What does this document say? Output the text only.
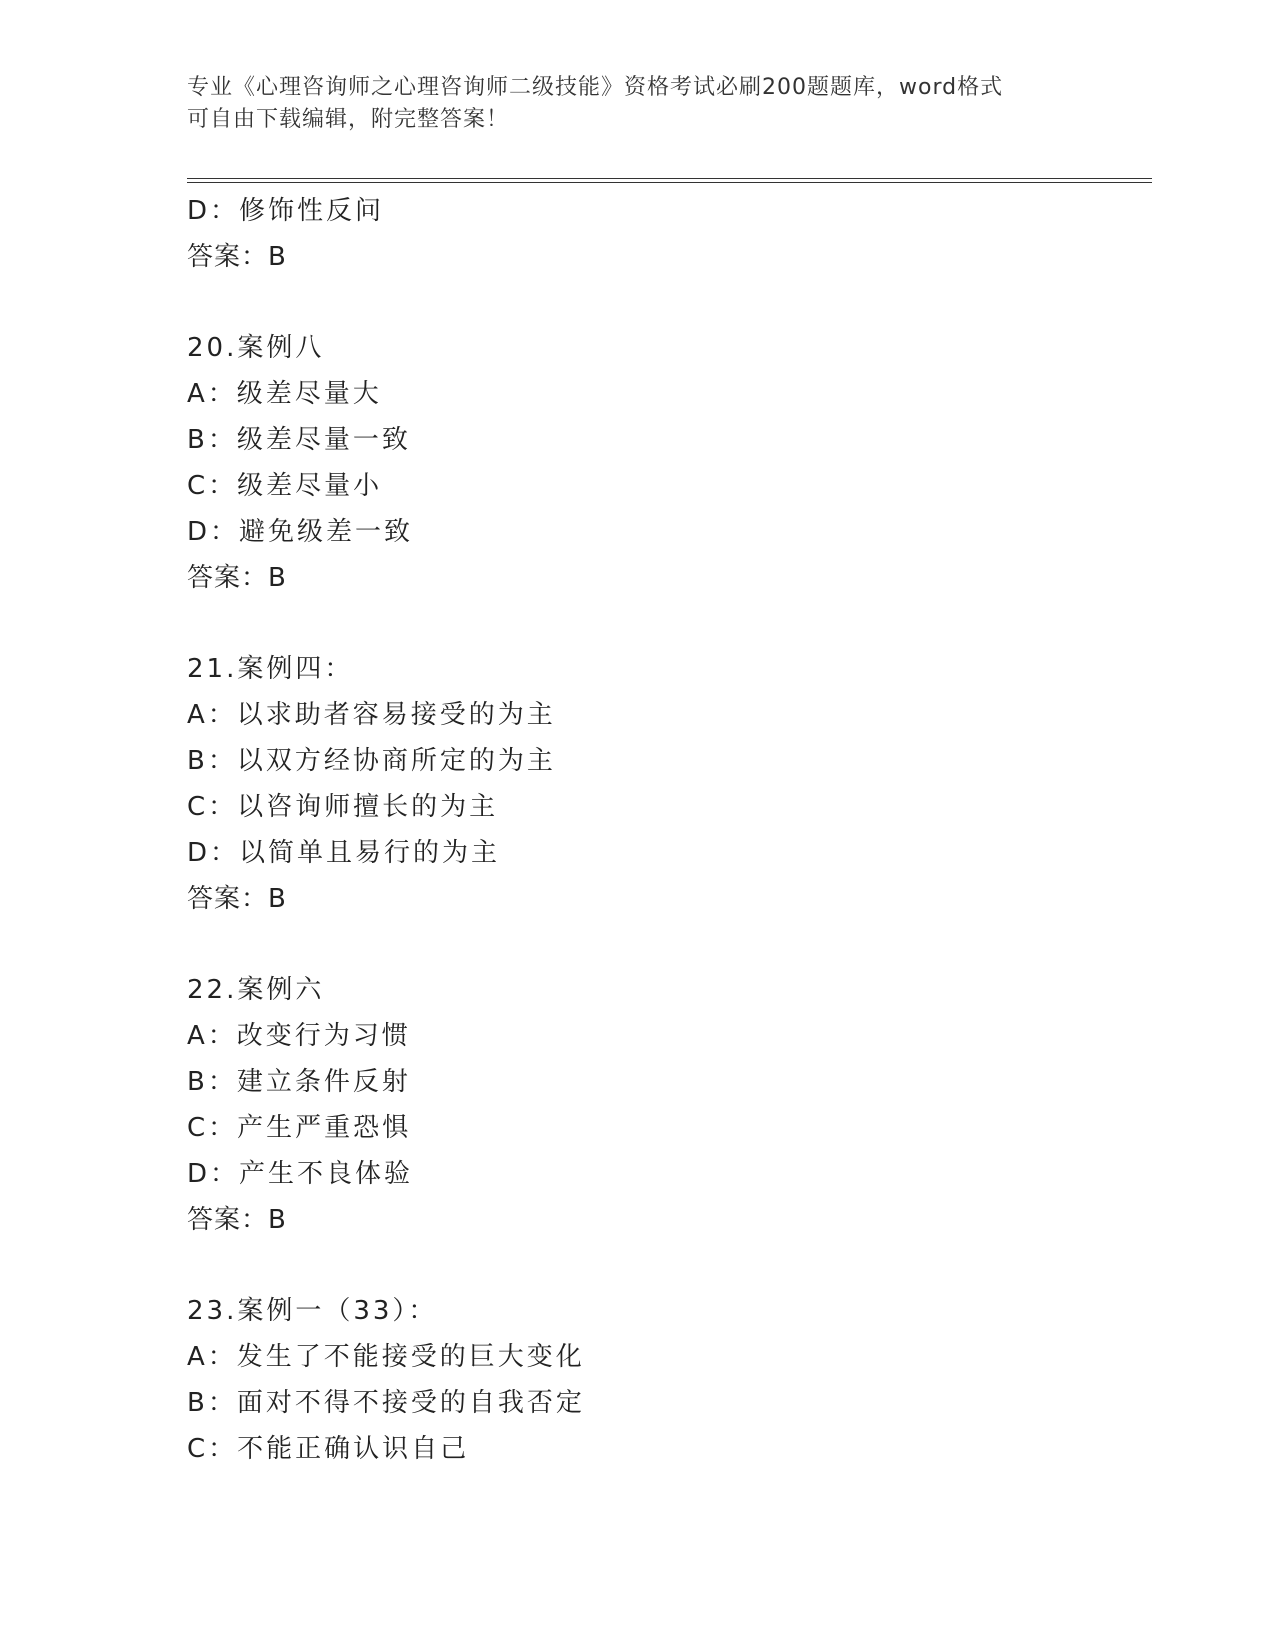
专业《心理咨询师之心理咨询师二级技能》资格考试必刷200题题库，word格式
可自由下载编辑，附完整答案！
D：修饰性反问
答案：B
20.案例八
A：级差尽量大
B：级差尽量一致
C：级差尽量小
D：避免级差一致
答案：B
21.案例四：
A：以求助者容易接受的为主
B：以双方经协商所定的为主
C：以咨询师擅长的为主
D：以简单且易行的为主
答案：B
22.案例六
A：改变行为习惯
B：建立条件反射
C：产生严重恐惧
D：产生不良体验
答案：B
23.案例一（33）：
A：发生了不能接受的巨大变化
B：面对不得不接受的自我否定
C：不能正确认识自己
